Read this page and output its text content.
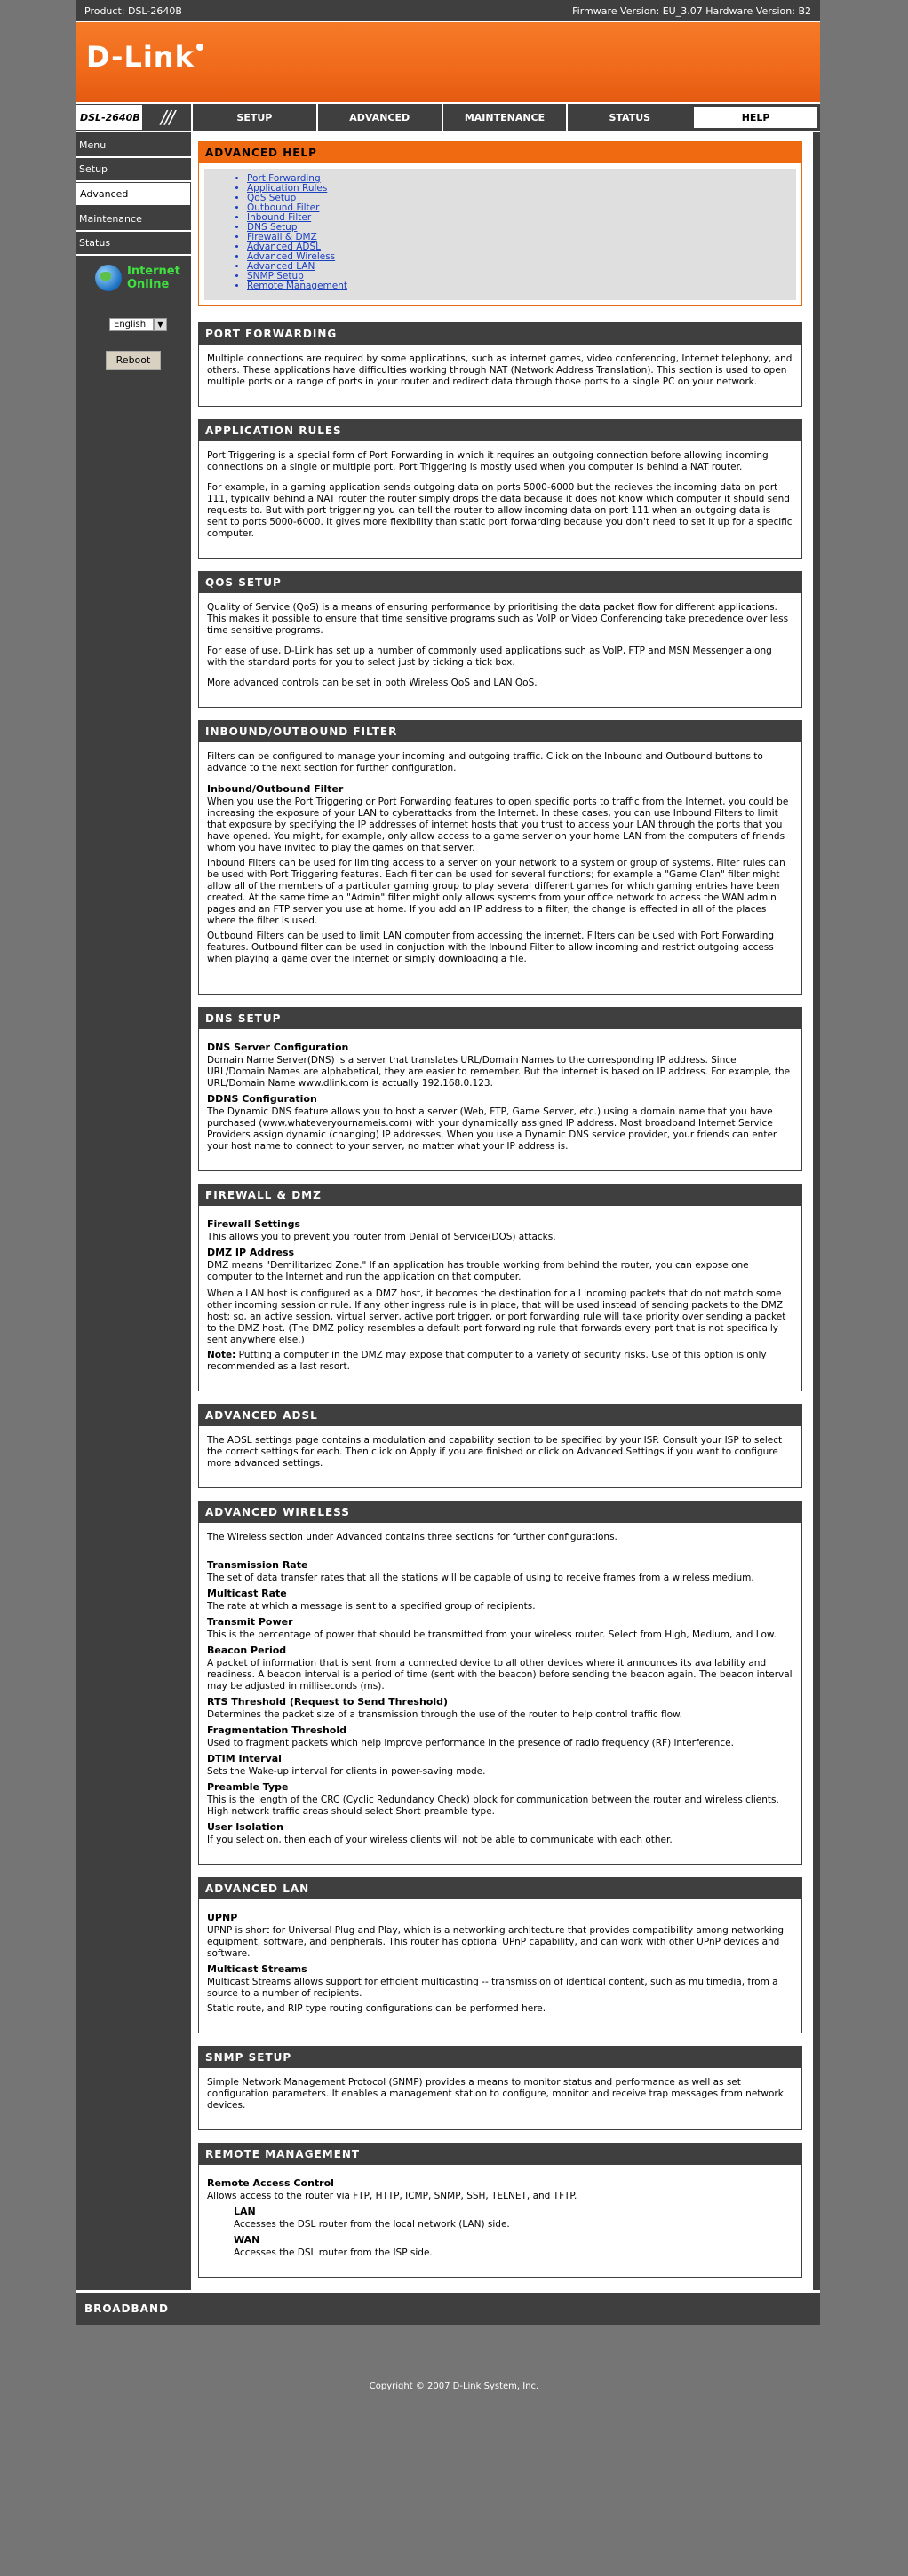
Product: DSL-2640B	Firmware Version: EU_3.07 Hardware Version: B2
D-Link
DSL-2640B	///	SETUP	ADVANCED	MAINTENANCE	STATUS	HELP
Menu
Setup
Advanced
Maintenance
Status
Internet
Online
English	▼
Reboot
ADVANCED HELP
• Port Forwarding
• Application Rules
• QoS Setup
• Outbound Filter
• Inbound Filter
• DNS Setup
• Firewall & DMZ
• Advanced ADSL
• Advanced Wireless
• Advanced LAN
• SNMP Setup
• Remote Management
PORT FORWARDING

Multiple connections are required by some applications, such as internet games, video conferencing, Internet telephony, and others. These applications have difficulties working through NAT (Network Address Translation). This section is used to open multiple ports or a range of ports in your router and redirect data through those ports to a single PC on your network.

APPLICATION RULES

Port Triggering is a special form of Port Forwarding in which it requires an outgoing connection before allowing incoming connections on a single or multiple port. Port Triggering is mostly used when you computer is behind a NAT router.

For example, in a gaming application sends outgoing data on ports 5000-6000 but the recieves the incoming data on port 111, typically behind a NAT router the router simply drops the data because it does not know which computer it should send requests to. But with port triggering you can tell the router to allow incoming data on port 111 when an outgoing data is sent to ports 5000-6000. It gives more flexibility than static port forwarding because you don't need to set it up for a specific computer.

QOS SETUP

Quality of Service (QoS) is a means of ensuring performance by prioritising the data packet flow for different applications. This makes it possible to ensure that time sensitive programs such as VoIP or Video Conferencing take precedence over less time sensitive programs.

For ease of use, D-Link has set up a number of commonly used applications such as VoIP, FTP and MSN Messenger along with the standard ports for you to select just by ticking a tick box.

More advanced controls can be set in both Wireless QoS and LAN QoS.

INBOUND/OUTBOUND FILTER

Filters can be configured to manage your incoming and outgoing traffic. Click on the Inbound and Outbound buttons to advance to the next section for further configuration.

Inbound/Outbound Filter

When you use the Port Triggering or Port Forwarding features to open specific ports to traffic from the Internet, you could be increasing the exposure of your LAN to cyberattacks from the Internet. In these cases, you can use Inbound Filters to limit that exposure by specifying the IP addresses of internet hosts that you trust to access your LAN through the ports that you have opened. You might, for example, only allow access to a game server on your home LAN from the computers of friends whom you have invited to play the games on that server.

Inbound Filters can be used for limiting access to a server on your network to a system or group of systems. Filter rules can be used with Port Triggering features. Each filter can be used for several functions; for example a "Game Clan" filter might allow all of the members of a particular gaming group to play several different games for which gaming entries have been created. At the same time an "Admin" filter might only allows systems from your office network to access the WAN admin pages and an FTP server you use at home. If you add an IP address to a filter, the change is effected in all of the places where the filter is used.

Outbound Filters can be used to limit LAN computer from accessing the internet. Filters can be used with Port Forwarding features. Outbound filter can be used in conjuction with the Inbound Filter to allow incoming and restrict outgoing access when playing a game over the internet or simply downloading a file.

DNS SETUP
DNS Server Configuration

Domain Name Server(DNS) is a server that translates URL/Domain Names to the corresponding IP address. Since URL/Domain Names are alphabetical, they are easier to remember. But the internet is based on IP address. For example, the URL/Domain Name www.dlink.com is actually 192.168.0.123.

DDNS Configuration

The Dynamic DNS feature allows you to host a server (Web, FTP, Game Server, etc.) using a domain name that you have purchased (www.whateveryournameis.com) with your dynamically assigned IP address. Most broadband Internet Service Providers assign dynamic (changing) IP addresses. When you use a Dynamic DNS service provider, your friends can enter your host name to connect to your server, no matter what your IP address is.

FIREWALL & DMZ
Firewall Settings

This allows you to prevent you router from Denial of Service(DOS) attacks.

DMZ IP Address

DMZ means "Demilitarized Zone." If an application has trouble working from behind the router, you can expose one computer to the Internet and run the application on that computer.

When a LAN host is configured as a DMZ host, it becomes the destination for all incoming packets that do not match some other incoming session or rule. If any other ingress rule is in place, that will be used instead of sending packets to the DMZ host; so, an active session, virtual server, active port trigger, or port forwarding rule will take priority over sending a packet to the DMZ host. (The DMZ policy resembles a default port forwarding rule that forwards every port that is not specifically sent anywhere else.)

Note: Putting a computer in the DMZ may expose that computer to a variety of security risks. Use of this option is only recommended as a last resort.

ADVANCED ADSL

The ADSL settings page contains a modulation and capability section to be specified by your ISP. Consult your ISP to select the correct settings for each. Then click on Apply if you are finished or click on Advanced Settings if you want to configure more advanced settings.

ADVANCED WIRELESS

The Wireless section under Advanced contains three sections for further configurations.

Transmission Rate

The set of data transfer rates that all the stations will be capable of using to receive frames from a wireless medium.

Multicast Rate

The rate at which a message is sent to a specified group of recipients.

Transmit Power

This is the percentage of power that should be transmitted from your wireless router. Select from High, Medium, and Low.

Beacon Period

A packet of information that is sent from a connected device to all other devices where it announces its availability and readiness. A beacon interval is a period of time (sent with the beacon) before sending the beacon again. The beacon interval may be adjusted in milliseconds (ms).

RTS Threshold (Request to Send Threshold)

Determines the packet size of a transmission through the use of the router to help control traffic flow.

Fragmentation Threshold

Used to fragment packets which help improve performance in the presence of radio frequency (RF) interference.

DTIM Interval

Sets the Wake-up interval for clients in power-saving mode.

Preamble Type

This is the length of the CRC (Cyclic Redundancy Check) block for communication between the router and wireless clients. High network traffic areas should select Short preamble type.

User Isolation

If you select on, then each of your wireless clients will not be able to communicate with each other.

ADVANCED LAN
UPNP

UPNP is short for Universal Plug and Play, which is a networking architecture that provides compatibility among networking equipment, software, and peripherals. This router has optional UPnP capability, and can work with other UPnP devices and software.

Multicast Streams

Multicast Streams allows support for efficient multicasting -- transmission of identical content, such as multimedia, from a source to a number of recipients.

Static route, and RIP type routing configurations can be performed here.

SNMP SETUP

Simple Network Management Protocol (SNMP) provides a means to monitor status and performance as well as set configuration parameters. It enables a management station to configure, monitor and receive trap messages from network devices.

REMOTE MANAGEMENT
Remote Access Control

Allows access to the router via FTP, HTTP, ICMP, SNMP, SSH, TELNET, and TFTP.

LAN

Accesses the DSL router from the local network (LAN) side.

WAN

Accesses the DSL router from the ISP side.

BROADBAND
Copyright © 2007 D-Link System, Inc.
